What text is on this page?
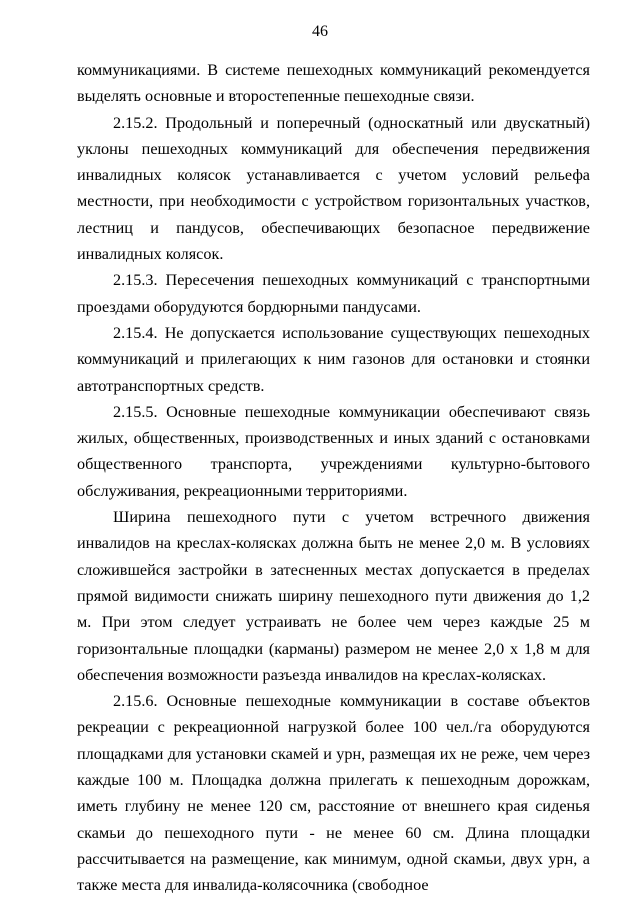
46

коммуникациями. В системе пешеходных коммуникаций рекомендуется выделять основные и второстепенные пешеходные связи.

2.15.2. Продольный и поперечный (односкатный или двускатный) уклоны пешеходных коммуникаций для обеспечения передвижения инвалидных колясок устанавливается с учетом условий рельефа местности, при необходимости с устройством горизонтальных участков, лестниц и пандусов, обеспечивающих безопасное передвижение инвалидных колясок.

2.15.3. Пересечения пешеходных коммуникаций с транспортными проездами оборудуются бордюрными пандусами.

2.15.4. Не допускается использование существующих пешеходных коммуникаций и прилегающих к ним газонов для остановки и стоянки автотранспортных средств.

2.15.5. Основные пешеходные коммуникации обеспечивают связь жилых, общественных, производственных и иных зданий с остановками общественного транспорта, учреждениями культурно-бытового обслуживания, рекреационными территориями.

Ширина пешеходного пути с учетом встречного движения инвалидов на креслах-колясках должна быть не менее 2,0 м. В условиях сложившейся застройки в затесненных местах допускается в пределах прямой видимости снижать ширину пешеходного пути движения до 1,2 м. При этом следует устраивать не более чем через каждые 25 м горизонтальные площадки (карманы) размером не менее 2,0 x 1,8 м для обеспечения возможности разъезда инвалидов на креслах-колясках.

2.15.6. Основные пешеходные коммуникации в составе объектов рекреации с рекреационной нагрузкой более 100 чел./га оборудуются площадками для установки скамей и урн, размещая их не реже, чем через каждые 100 м. Площадка должна прилегать к пешеходным дорожкам, иметь глубину не менее 120 см, расстояние от внешнего края сиденья скамьи до пешеходного пути - не менее 60 см. Длина площадки рассчитывается на размещение, как минимум, одной скамьи, двух урн, а также места для инвалида-колясочника (свободное
